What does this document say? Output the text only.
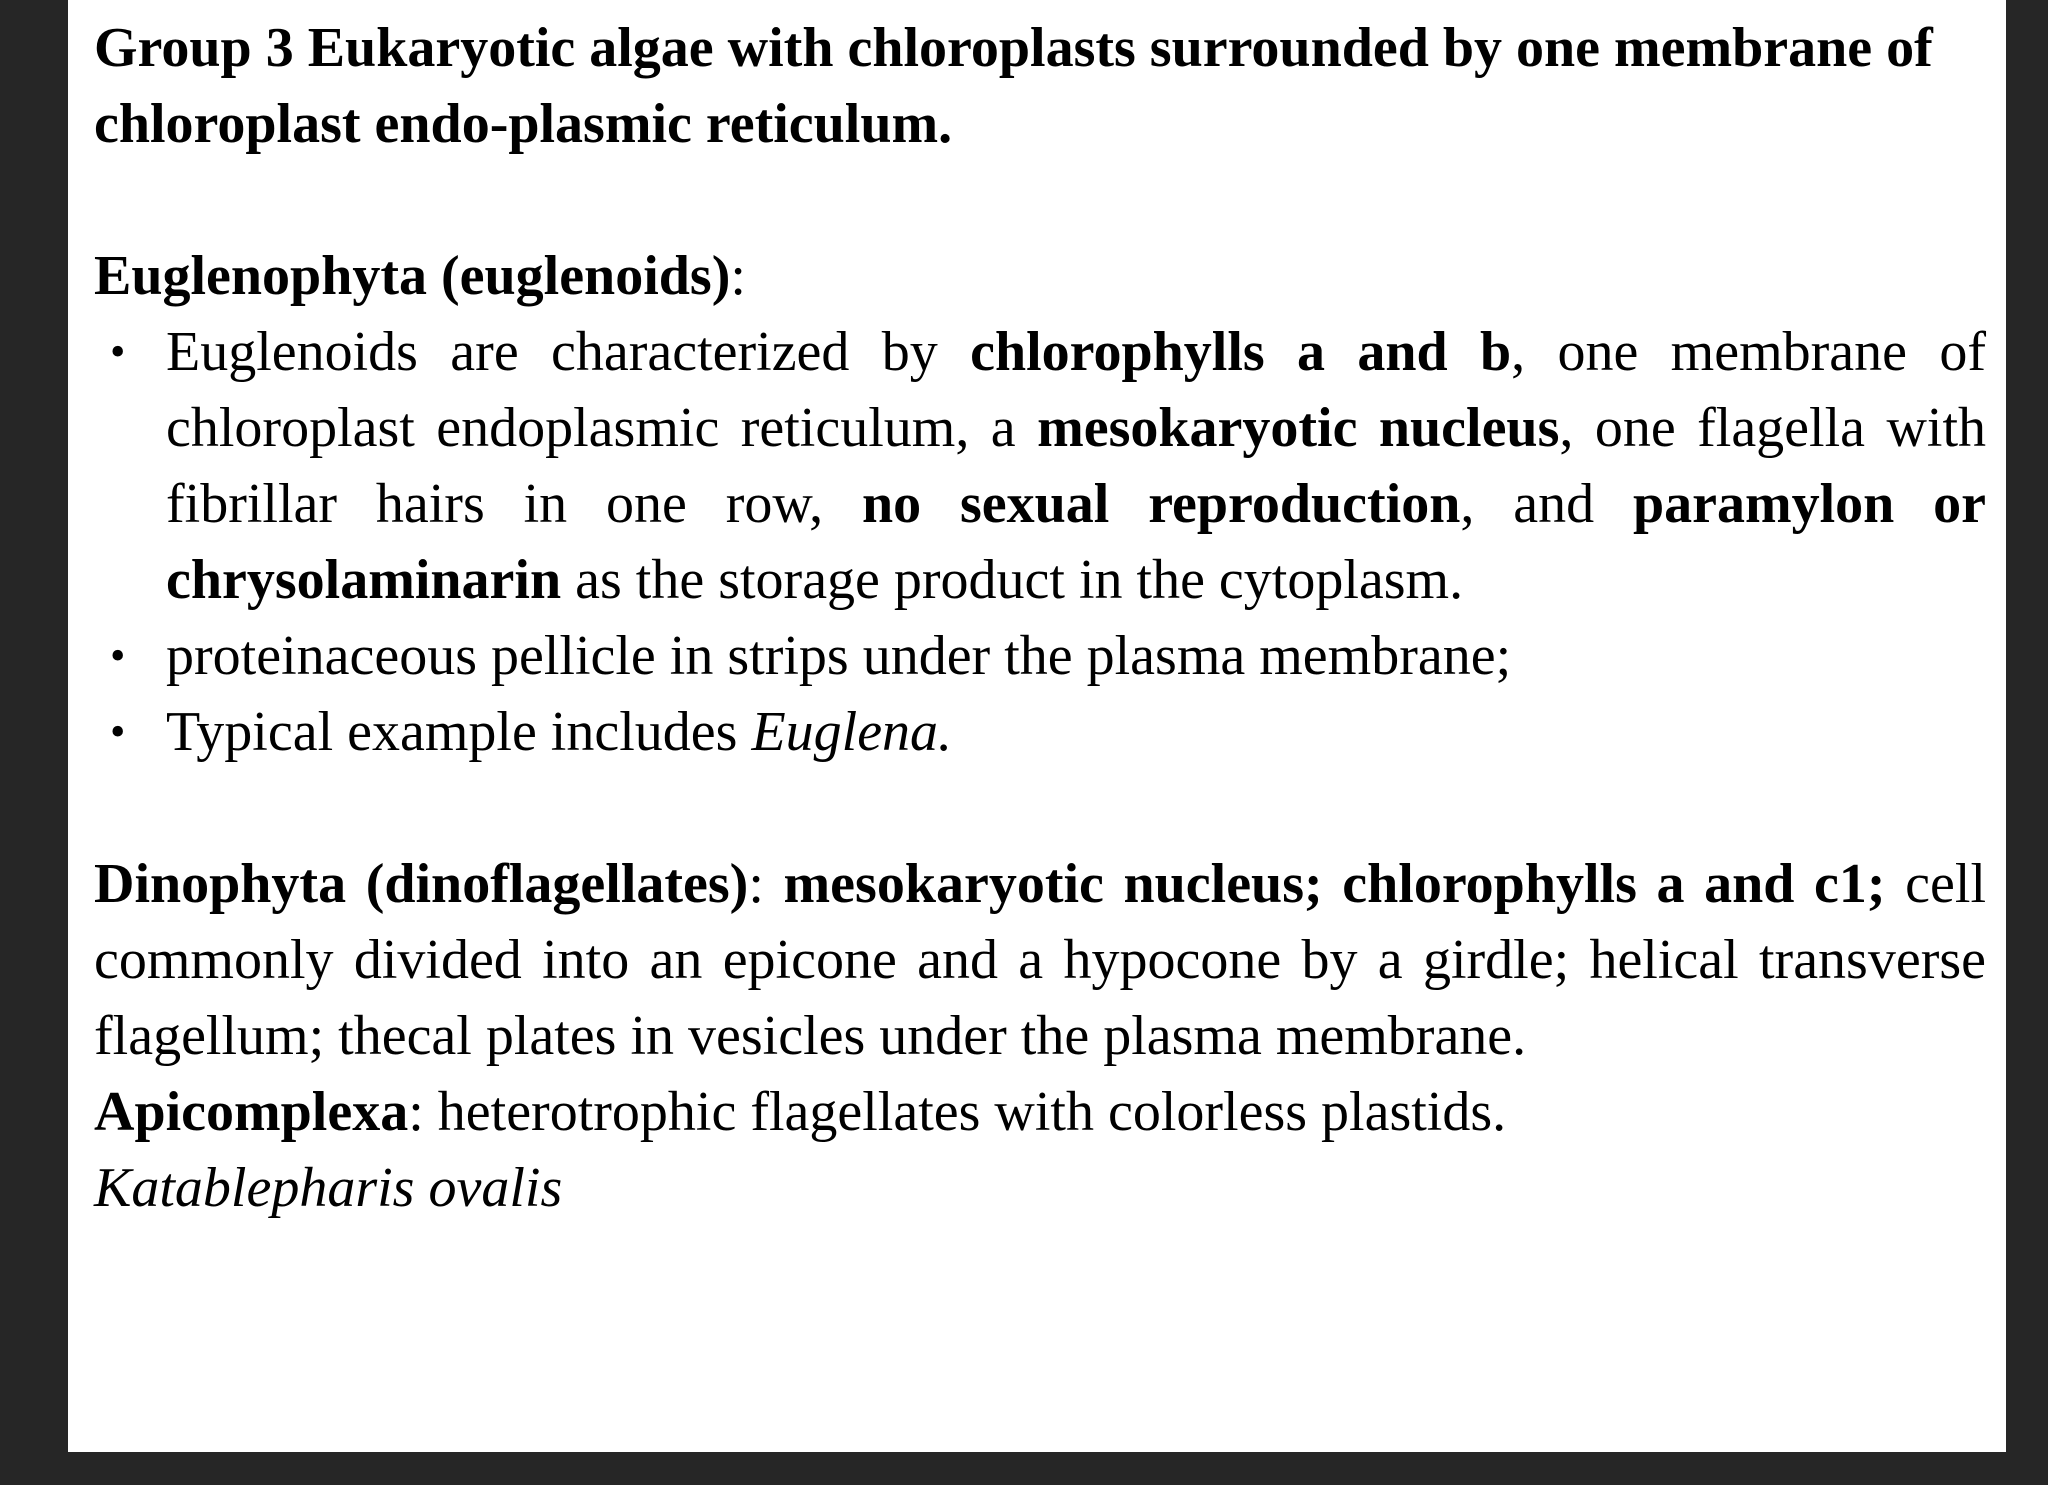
Group 3 Eukaryotic algae with chloroplasts surrounded by one membrane of chloroplast endo-plasmic reticulum.

Euglenophyta (euglenoids):

• Euglenoids are characterized by chlorophylls a and b, one membrane of chloroplast endoplasmic reticulum, a mesokaryotic nucleus, one flagella with fibrillar hairs in one row, no sexual reproduction, and paramylon or chrysolaminarin as the storage product in the cytoplasm.
• proteinaceous pellicle in strips under the plasma membrane;
• Typical example includes Euglena.

Dinophyta (dinoflagellates): mesokaryotic nucleus; chlorophylls a and c1; cell commonly divided into an epicone and a hypocone by a girdle; helical transverse flagellum; thecal plates in vesicles under the plasma membrane.

Apicomplexa: heterotrophic flagellates with colorless plastids.
Katablepharis ovalis
